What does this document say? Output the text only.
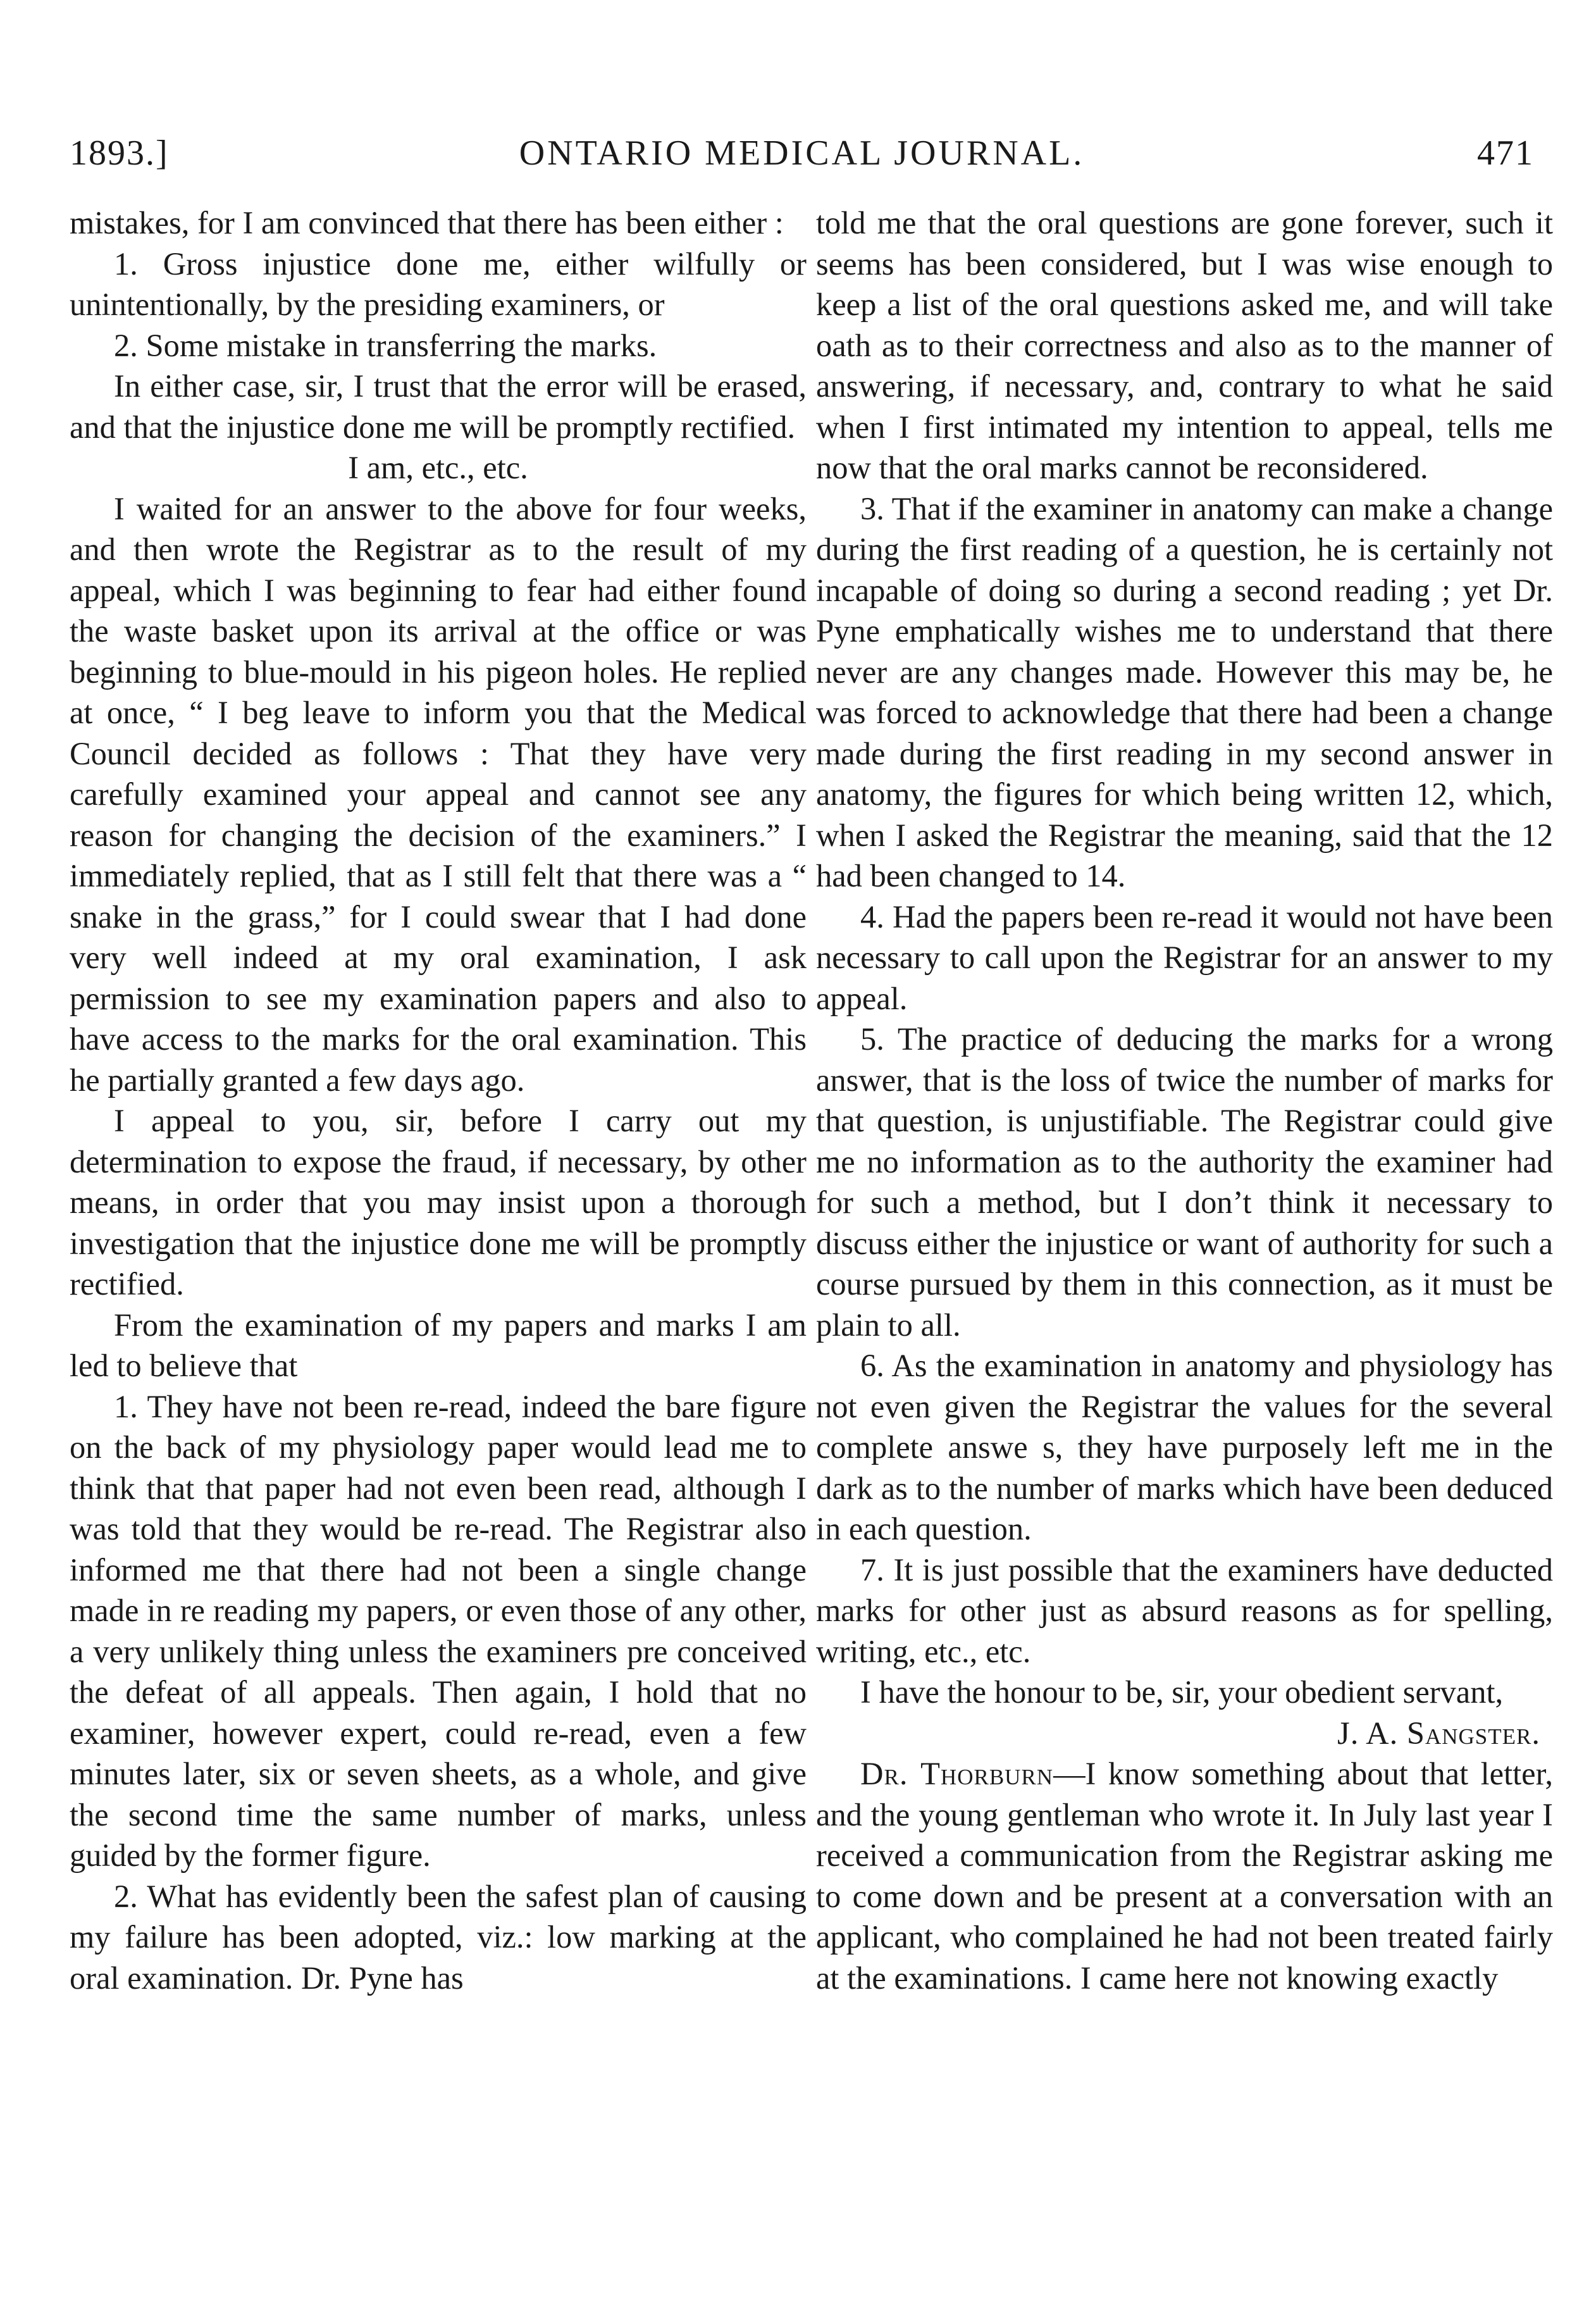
ONTARIO MEDICAL JOURNAL.
1893.]	471

mistakes, for I am convinced that there has been either :

1. Gross injustice done me, either wilfully or unintentionally, by the presiding examiners, or

2. Some mistake in transferring the marks.

In either case, sir, I trust that the error will be erased, and that the injustice done me will be promptly rectified.

I am, etc., etc.

I waited for an answer to the above for four weeks, and then wrote the Registrar as to the result of my appeal, which I was beginning to fear had either found the waste basket upon its arrival at the office or was beginning to blue-mould in his pigeon holes. He replied at once, “ I beg leave to inform you that the Medical Council decided as follows : That they have very carefully examined your appeal and cannot see any reason for changing the decision of the examiners.” I immediately replied, that as I still felt that there was a “ snake in the grass,” for I could swear that I had done very well indeed at my oral examination, I ask permission to see my examination papers and also to have access to the marks for the oral examination. This he partially granted a few days ago.

I appeal to you, sir, before I carry out my determination to expose the fraud, if necessary, by other means, in order that you may insist upon a thorough investigation that the injustice done me will be promptly rectified.

From the examination of my papers and marks I am led to believe that

1. They have not been re-read, indeed the bare figure on the back of my physiology paper would lead me to think that that paper had not even been read, although I was told that they would be re-read. The Registrar also informed me that there had not been a single change made in re reading my papers, or even those of any other, a very unlikely thing unless the examiners pre conceived the defeat of all appeals. Then again, I hold that no examiner, however expert, could re-read, even a few minutes later, six or seven sheets, as a whole, and give the second time the same number of marks, unless guided by the former figure.

2. What has evidently been the safest plan of causing my failure has been adopted, viz.: low marking at the oral examination. Dr. Pyne has

told me that the oral questions are gone forever, such it seems has been considered, but I was wise enough to keep a list of the oral questions asked me, and will take oath as to their correctness and also as to the manner of answering, if necessary, and, contrary to what he said when I first intimated my intention to appeal, tells me now that the oral marks cannot be reconsidered.

3. That if the examiner in anatomy can make a change during the first reading of a question, he is certainly not incapable of doing so during a second reading ; yet Dr. Pyne emphatically wishes me to understand that there never are any changes made. However this may be, he was forced to acknowledge that there had been a change made during the first reading in my second answer in anatomy, the figures for which being written 12, which, when I asked the Registrar the meaning, said that the 12 had been changed to 14.

4. Had the papers been re-read it would not have been necessary to call upon the Registrar for an answer to my appeal.

5. The practice of deducing the marks for a wrong answer, that is the loss of twice the number of marks for that question, is unjustifiable. The Registrar could give me no information as to the authority the examiner had for such a method, but I don’t think it necessary to discuss either the injustice or want of authority for such a course pursued by them in this connection, as it must be plain to all.

6. As the examination in anatomy and physiology has not even given the Registrar the values for the several complete answe s, they have purposely left me in the dark as to the number of marks which have been deduced in each question.

7. It is just possible that the examiners have deducted marks for other just as absurd reasons as for spelling, writing, etc., etc.

I have the honour to be, sir, your obedient servant,

J. A. Sangster.

Dr. Thorburn—I know something about that letter, and the young gentleman who wrote it. In July last year I received a communication from the Registrar asking me to come down and be present at a conversation with an applicant, who complained he had not been treated fairly at the examinations. I came here not knowing exactly
